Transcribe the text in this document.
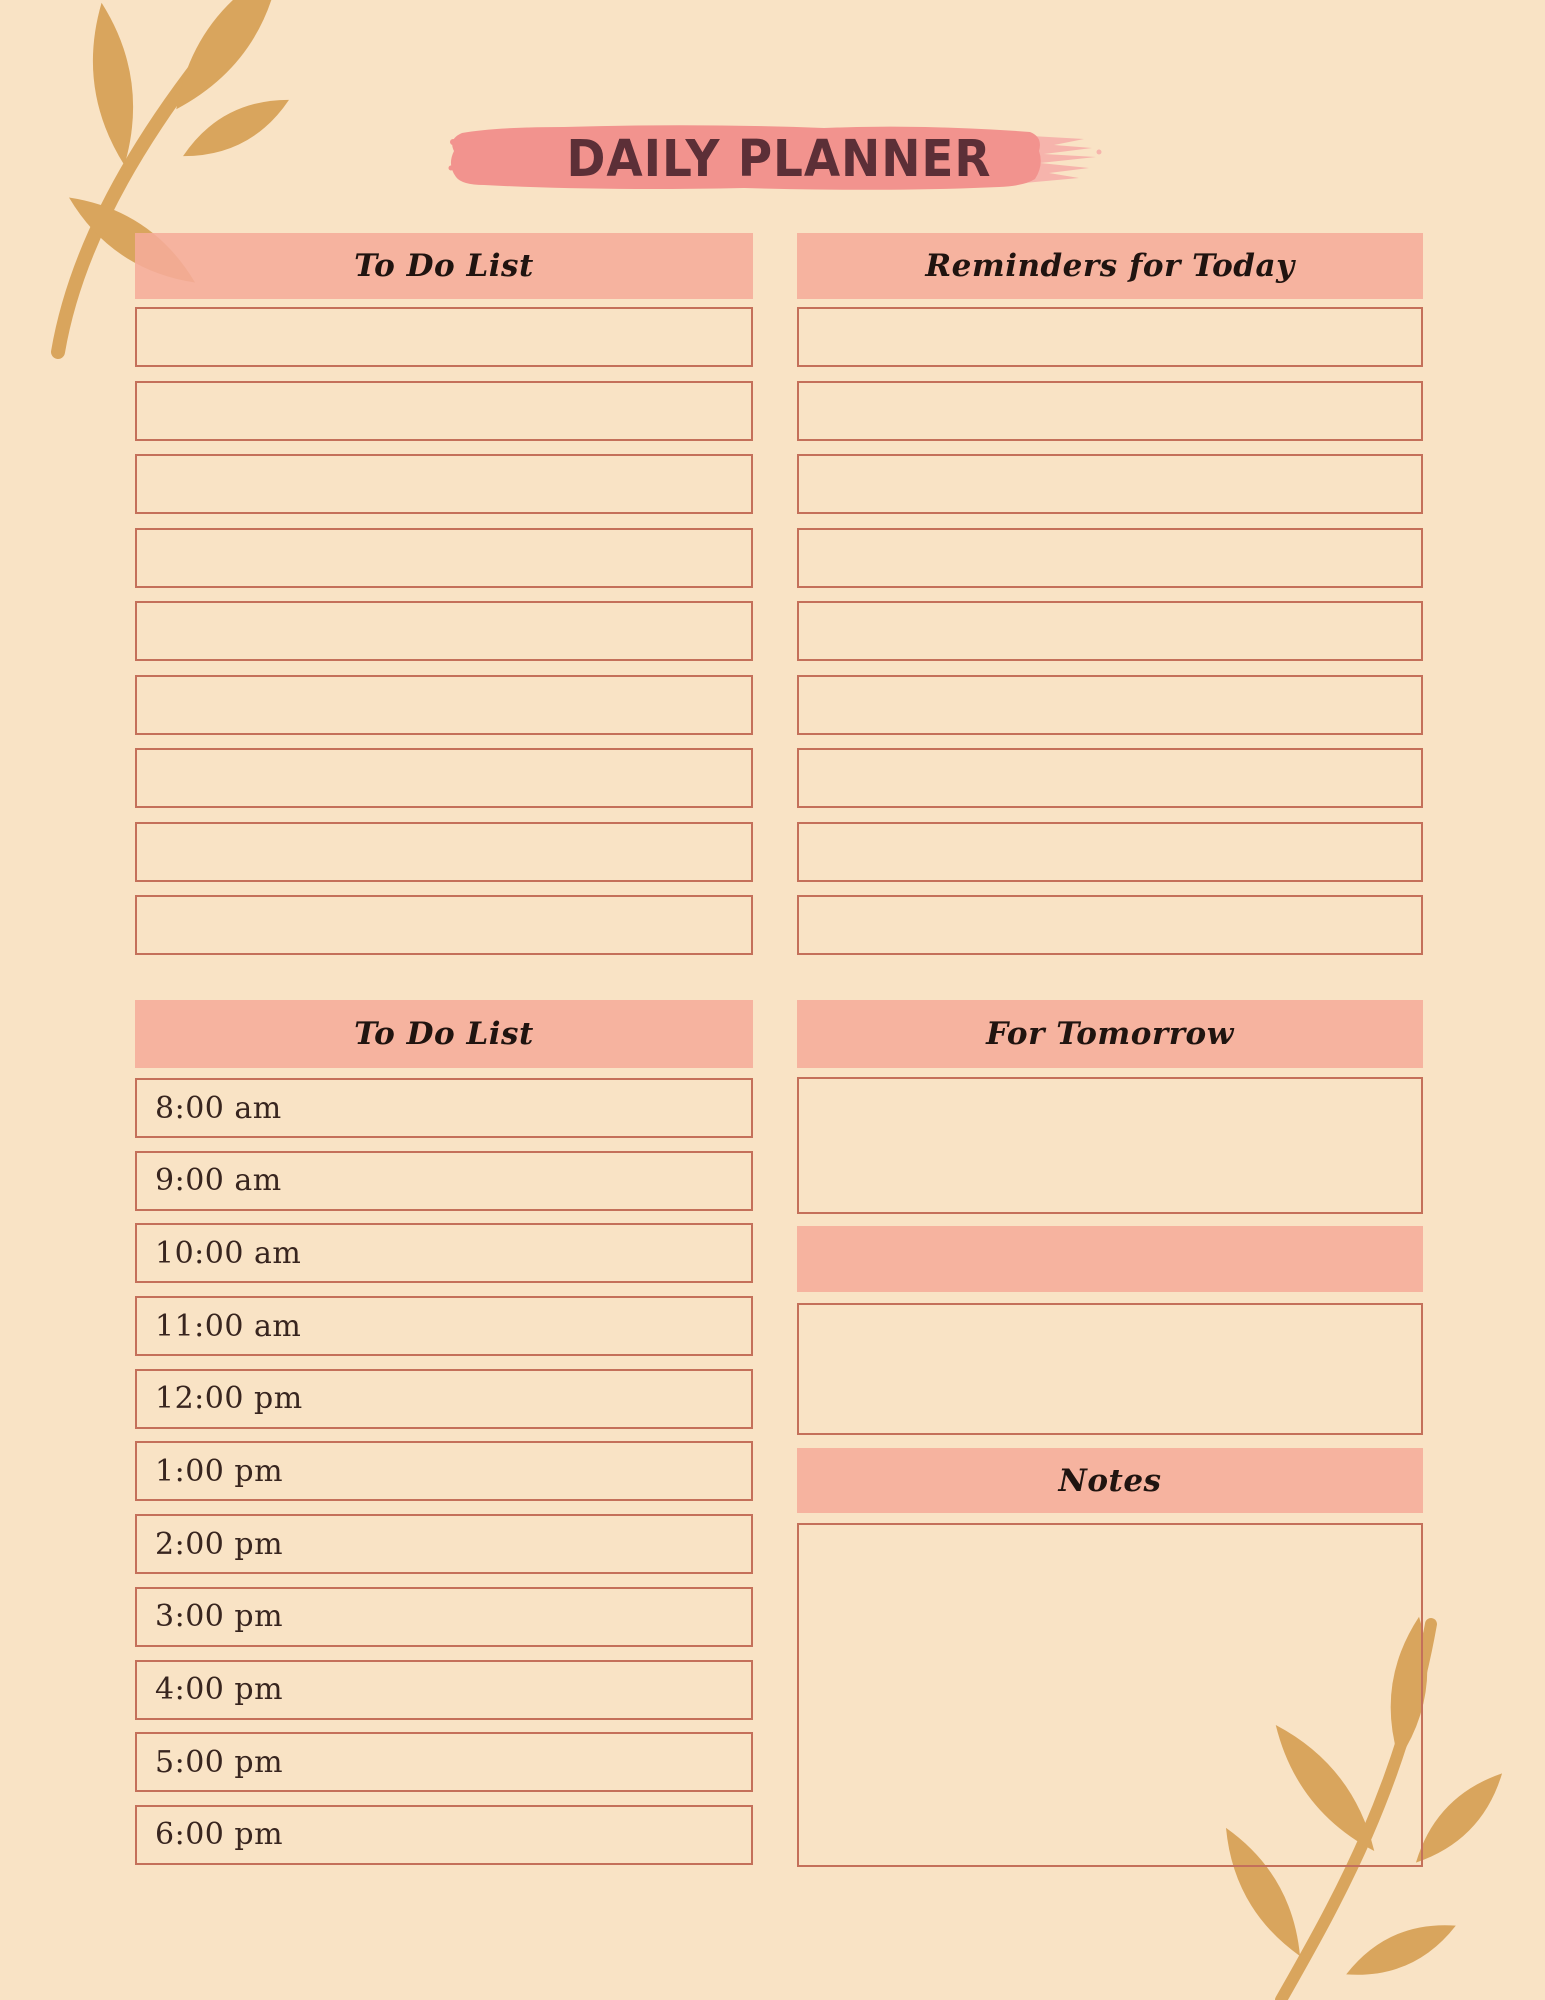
DAILY PLANNER
To Do List	Reminders for Today
To Do List
8:00 am
9:00 am
10:00 am
11:00 am
12:00 pm
1:00 pm
2:00 pm
3:00 pm
4:00 pm
5:00 pm
6:00 pm
For Tomorrow
Notes
